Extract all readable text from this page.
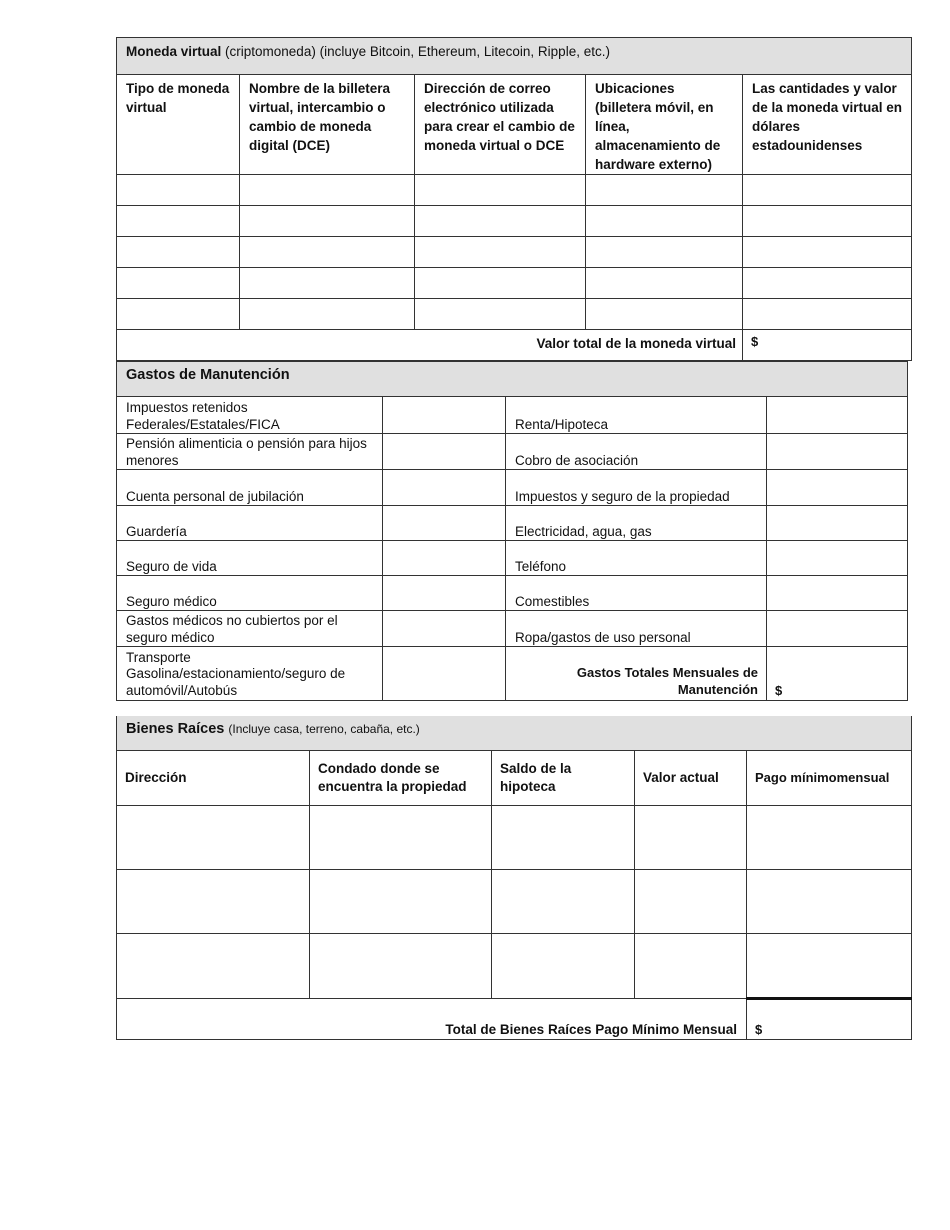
Moneda virtual (criptomoneda) (incluye Bitcoin, Ethereum, Litecoin, Ripple, etc.)				
Tipo de moneda virtual	Nombre de la billetera virtual, intercambio o cambio de moneda digital (DCE)	Dirección de correo electrónico utilizada para crear el cambio de moneda virtual o DCE	Ubicaciones (billetera móvil, en línea, almacenamiento de hardware externo)	Las cantidades y valor de la moneda virtual en dólares estadounidenses

Valor total de la moneda virtual				$
Gastos de Manutención			
Impuestos retenidos Federales/Estatales/FICA		Renta/Hipoteca	
Pensión alimenticia o pensión para hijos menores		Cobro de asociación	
Cuenta personal de jubilación		Impuestos y seguro de la propiedad	
Guardería		Electricidad, agua, gas	
Seguro de vida		Teléfono	
Seguro médico		Comestibles	
Gastos médicos no cubiertos por el seguro médico		Ropa/gastos de uso personal	
Transporte Gasolina/estacionamiento/seguro de automóvil/Autobús		Gastos Totales Mensuales de Manutención	$
Bienes Raíces (Incluye casa, terreno, cabaña, etc.)				
Dirección	Condado donde se encuentra la propiedad	Saldo de la hipoteca	Valor actual	Pago mínimomensual

Total de Bienes Raíces Pago Mínimo Mensual				$
